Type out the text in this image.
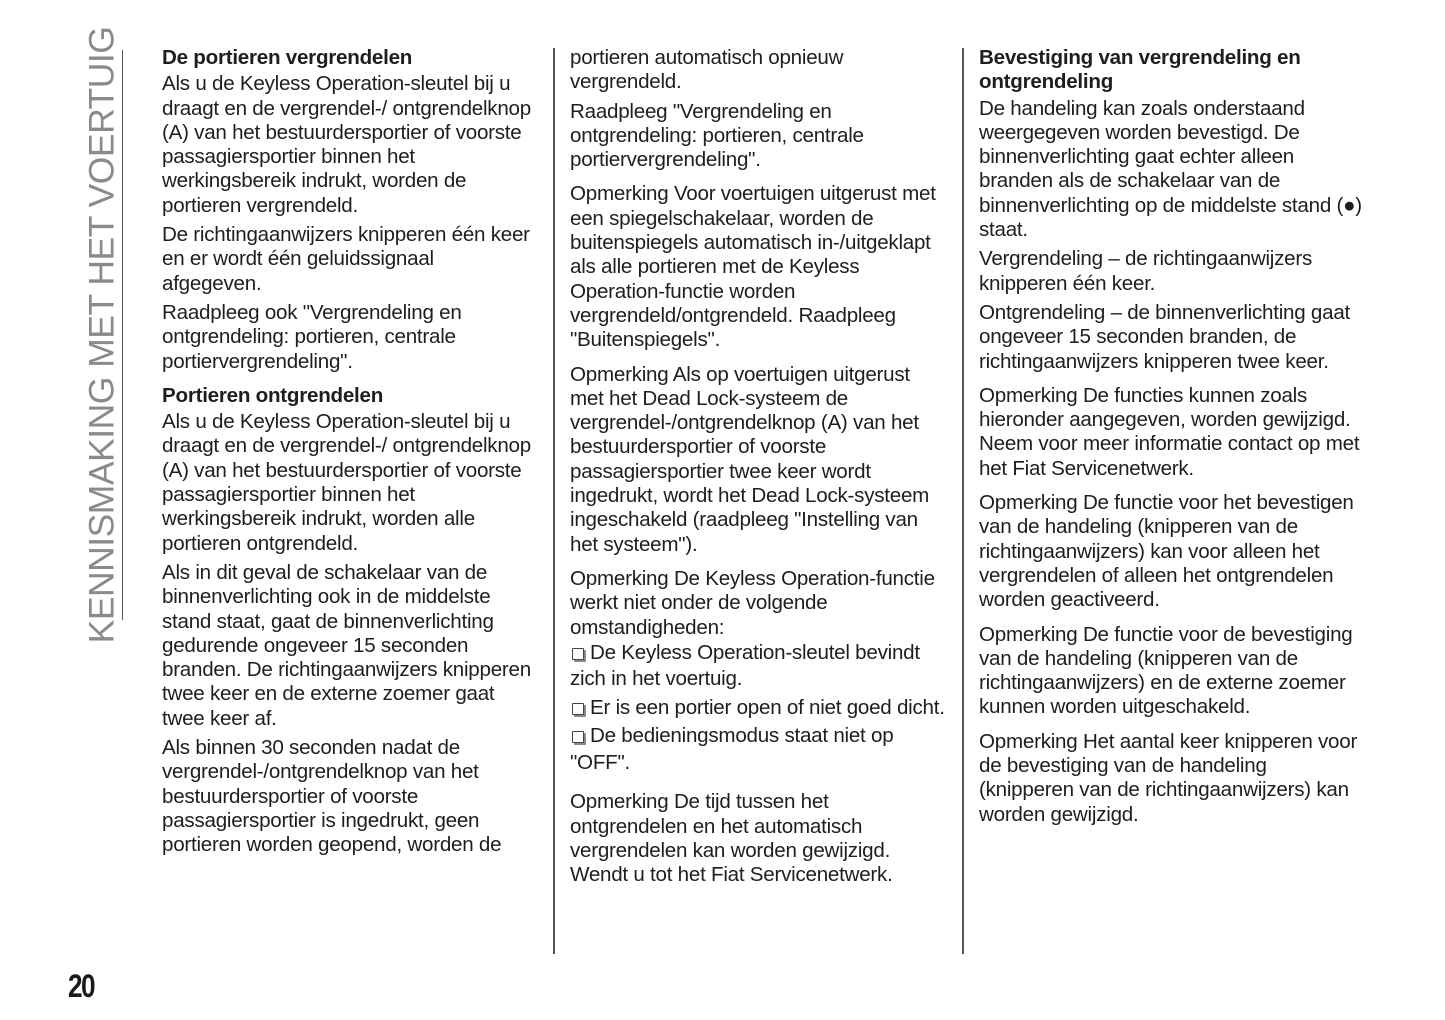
KENNISMAKING MET HET VOERTUIG De portieren vergrendelen

Als u de Keyless Operation-sleutel bij u draagt en de vergrendel-/ ontgrendelknop (A) van het bestuurdersportier of voorste passagiersportier binnen het werkingsbereik indrukt, worden de portieren vergrendeld.

De richtingaanwijzers knipperen één keer en er wordt één geluidssignaal afgegeven.

Raadpleeg ook "Vergrendeling en ontgrendeling: portieren, centrale portiervergrendeling".

Portieren ontgrendelen

Als u de Keyless Operation-sleutel bij u draagt en de vergrendel-/ ontgrendelknop (A) van het bestuurdersportier of voorste passagiersportier binnen het werkingsbereik indrukt, worden alle portieren ontgrendeld.

Als in dit geval de schakelaar van de binnenverlichting ook in de middelste stand staat, gaat de binnenverlichting gedurende ongeveer 15 seconden branden. De richtingaanwijzers knipperen twee keer en de externe zoemer gaat twee keer af.

Als binnen 30 seconden nadat de vergrendel-/ontgrendelknop van het bestuurdersportier of voorste passagiersportier is ingedrukt, geen portieren worden geopend, worden de

portieren automatisch opnieuw vergrendeld.

Raadpleeg "Vergrendeling en ontgrendeling: portieren, centrale portiervergrendeling".

Opmerking Voor voertuigen uitgerust met een spiegelschakelaar, worden de buitenspiegels automatisch in-/uitgeklapt als alle portieren met de Keyless Operation-functie worden vergrendeld/ontgrendeld. Raadpleeg "Buitenspiegels".

Opmerking Als op voertuigen uitgerust met het Dead Lock-systeem de vergrendel-/ontgrendelknop (A) van het bestuurdersportier of voorste passagiersportier twee keer wordt ingedrukt, wordt het Dead Lock-systeem ingeschakeld (raadpleeg "Instelling van het systeem").

Opmerking De Keyless Operation-functie werkt niet onder de volgende omstandigheden:

De Keyless Operation-sleutel bevindt zich in het voertuig.
Er is een portier open of niet goed dicht.
De bedieningsmodus staat niet op "OFF".

Opmerking De tijd tussen het ontgrendelen en het automatisch vergrendelen kan worden gewijzigd. Wendt u tot het Fiat Servicenetwerk.

Bevestiging van vergrendeling en ontgrendeling

De handeling kan zoals onderstaand weergegeven worden bevestigd. De binnenverlichting gaat echter alleen branden als de schakelaar van de binnenverlichting op de middelste stand (●) staat.

Vergrendeling – de richtingaanwijzers knipperen één keer.

Ontgrendeling – de binnenverlichting gaat ongeveer 15 seconden branden, de richtingaanwijzers knipperen twee keer.

Opmerking De functies kunnen zoals hieronder aangegeven, worden gewijzigd. Neem voor meer informatie contact op met het Fiat Servicenetwerk.

Opmerking De functie voor het bevestigen van de handeling (knipperen van de richtingaanwijzers) kan voor alleen het vergrendelen of alleen het ontgrendelen worden geactiveerd.

Opmerking De functie voor de bevestiging van de handeling (knipperen van de richtingaanwijzers) en de externe zoemer kunnen worden uitgeschakeld.

Opmerking Het aantal keer knipperen voor de bevestiging van de handeling (knipperen van de richtingaanwijzers) kan worden gewijzigd.

20
